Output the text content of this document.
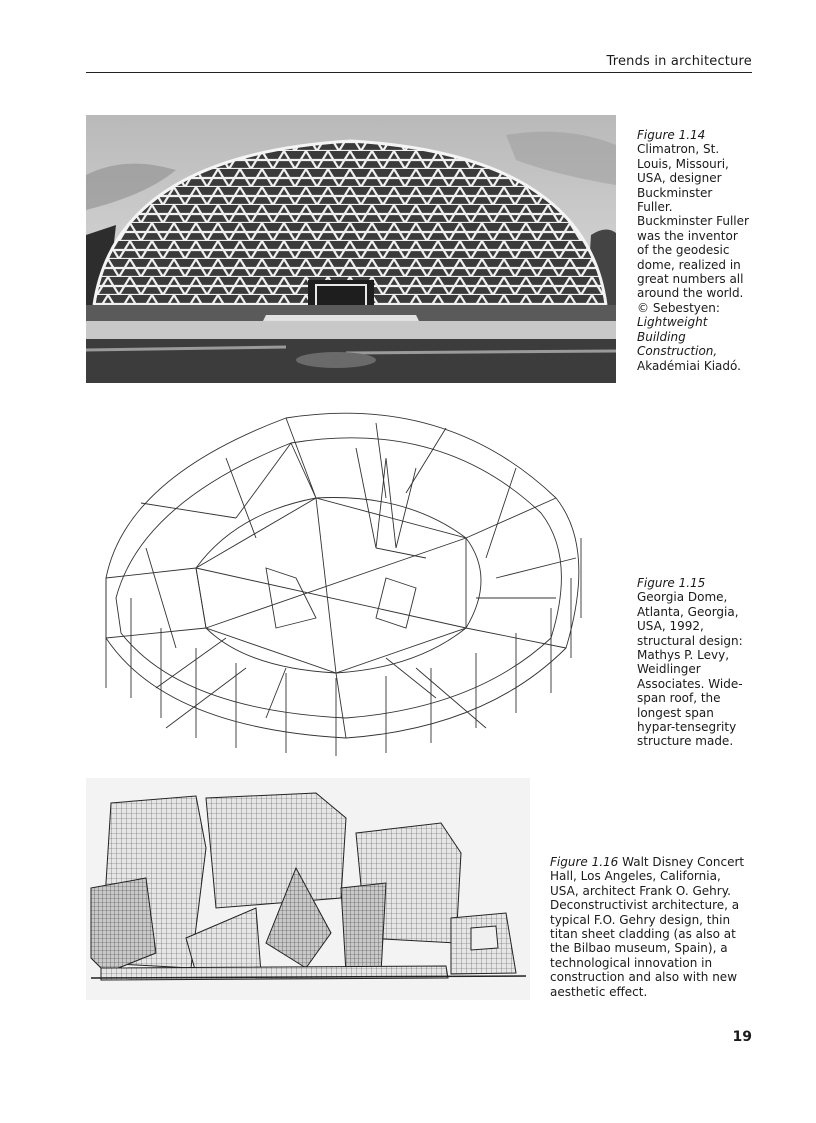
Trends in architecture
Figure 1.14
Climatron, St.
Louis, Missouri,
USA, designer
Buckminster
Fuller.
Buckminster Fuller
was the inventor
of the geodesic
dome, realized in
great numbers all
around the world.
© Sebestyen:
Lightweight
Building
Construction,
Akadémiai Kiadó.
Figure 1.15
Georgia Dome,
Atlanta, Georgia,
USA, 1992,
structural design:
Mathys P. Levy,
Weidlinger
Associates. Wide-
span roof, the
longest span
hypar-tensegrity
structure made.
Figure 1.16 Walt Disney Concert
Hall, Los Angeles, California,
USA, architect Frank O. Gehry.
Deconstructivist architecture, a
typical F.O. Gehry design, thin
titan sheet cladding (as also at
the Bilbao museum, Spain), a
technological innovation in
construction and also with new
aesthetic effect.
19
